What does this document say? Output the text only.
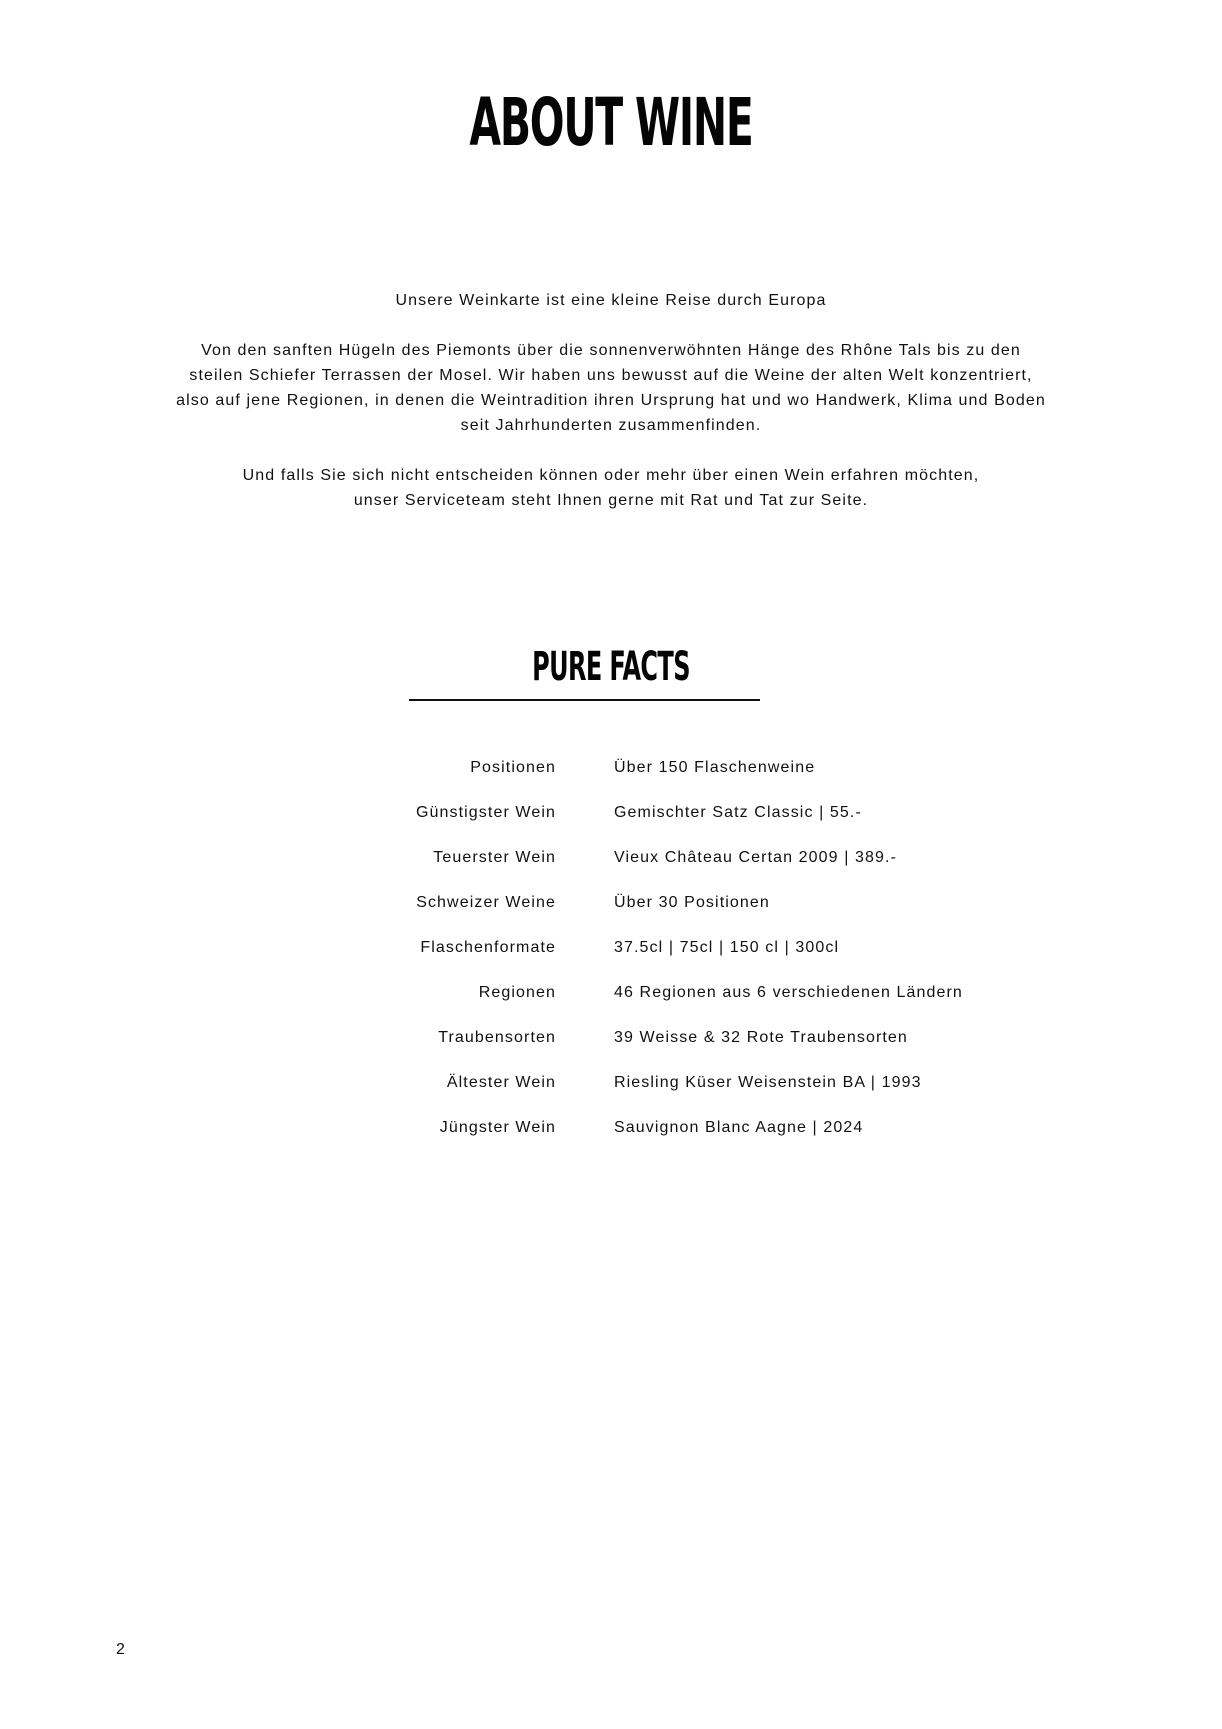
ABOUT WINE

Unsere Weinkarte ist eine kleine Reise durch Europa

Von den sanften Hügeln des Piemonts über die sonnenverwöhnten Hänge des Rhône Tals bis zu den
steilen Schiefer Terrassen der Mosel. Wir haben uns bewusst auf die Weine der alten Welt konzentriert,
also auf jene Regionen, in denen die Weintradition ihren Ursprung hat und wo Handwerk, Klima und Boden
seit Jahrhunderten zusammenfinden.

Und falls Sie sich nicht entscheiden können oder mehr über einen Wein erfahren möchten,
unser Serviceteam steht Ihnen gerne mit Rat und Tat zur Seite.

PURE FACTS
Positionen	Über 150 Flaschenweine
Günstigster Wein	Gemischter Satz Classic | 55.-
Teuerster Wein	Vieux Château Certan 2009 | 389.-
Schweizer Weine	Über 30 Positionen
Flaschenformate	37.5cl | 75cl | 150 cl | 300cl
Regionen	46 Regionen aus 6 verschiedenen Ländern
Traubensorten	39 Weisse & 32 Rote Traubensorten
Ältester Wein	Riesling Küser Weisenstein BA | 1993
Jüngster Wein	Sauvignon Blanc Aagne | 2024
2
